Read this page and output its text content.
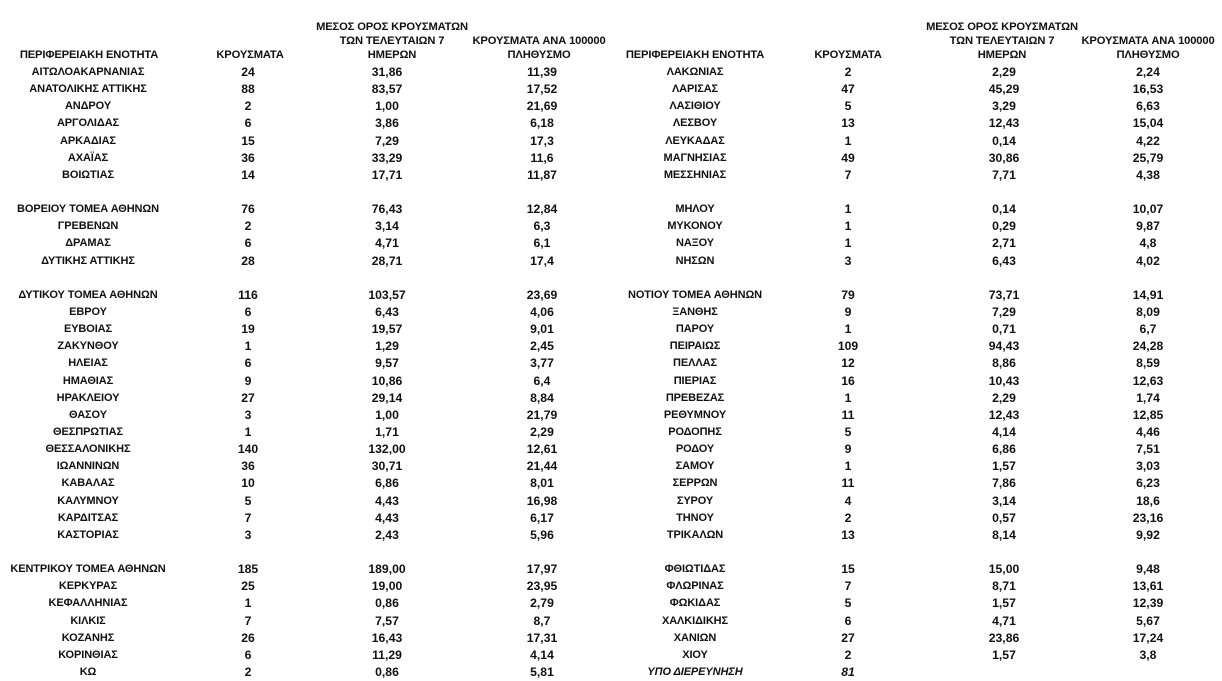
ΠΕΡΙΦΕΡΕΙΑΚΗ ΕΝΟΤΗΤΑ	ΚΡΟΥΣΜΑΤΑ
ΜΕΣΟΣ ΟΡΟΣ ΚΡΟΥΣΜΑΤΩΝ
ΤΩΝ ΤΕΛΕΥΤΑΙΩΝ 7
ΗΜΕΡΩΝ
ΚΡΟΥΣΜΑΤΑ ΑΝΑ 100000
ΠΛΗΘΥΣΜΟ
ΑΙΤΩΛΟΑΚΑΡΝΑΝΙΑΣ	24	31,86	11,39
ΑΝΑΤΟΛΙΚΗΣ ΑΤΤΙΚΗΣ	88	83,57	17,52
ΑΝΔΡΟΥ	2	1,00	21,69
ΑΡΓΟΛΙΔΑΣ	6	3,86	6,18
ΑΡΚΑΔΙΑΣ	15	7,29	17,3
ΑΧΑΪΑΣ	36	33,29	11,6
ΒΟΙΩΤΙΑΣ	14	17,71	11,87
ΒΟΡΕΙΟΥ ΤΟΜΕΑ ΑΘΗΝΩΝ	76	76,43	12,84
ΓΡΕΒΕΝΩΝ	2	3,14	6,3
ΔΡΑΜΑΣ	6	4,71	6,1
ΔΥΤΙΚΗΣ ΑΤΤΙΚΗΣ	28	28,71	17,4
ΔΥΤΙΚΟΥ ΤΟΜΕΑ ΑΘΗΝΩΝ	116	103,57	23,69
ΕΒΡΟΥ	6	6,43	4,06
ΕΥΒΟΙΑΣ	19	19,57	9,01
ΖΑΚΥΝΘΟΥ	1	1,29	2,45
ΗΛΕΙΑΣ	6	9,57	3,77
ΗΜΑΘΙΑΣ	9	10,86	6,4
ΗΡΑΚΛΕΙΟΥ	27	29,14	8,84
ΘΑΣΟΥ	3	1,00	21,79
ΘΕΣΠΡΩΤΙΑΣ	1	1,71	2,29
ΘΕΣΣΑΛΟΝΙΚΗΣ	140	132,00	12,61
ΙΩΑΝΝΙΝΩΝ	36	30,71	21,44
ΚΑΒΑΛΑΣ	10	6,86	8,01
ΚΑΛΥΜΝΟΥ	5	4,43	16,98
ΚΑΡΔΙΤΣΑΣ	7	4,43	6,17
ΚΑΣΤΟΡΙΑΣ	3	2,43	5,96
ΚΕΝΤΡΙΚΟΥ ΤΟΜΕΑ ΑΘΗΝΩΝ	185	189,00	17,97
ΚΕΡΚΥΡΑΣ	25	19,00	23,95
ΚΕΦΑΛΛΗΝΙΑΣ	1	0,86	2,79
ΚΙΛΚΙΣ	7	7,57	8,7
ΚΟΖΑΝΗΣ	26	16,43	17,31
ΚΟΡΙΝΘΙΑΣ	6	11,29	4,14
ΚΩ	2	0,86	5,81
ΠΕΡΙΦΕΡΕΙΑΚΗ ΕΝΟΤΗΤΑ	ΚΡΟΥΣΜΑΤΑ
ΜΕΣΟΣ ΟΡΟΣ ΚΡΟΥΣΜΑΤΩΝ
ΤΩΝ ΤΕΛΕΥΤΑΙΩΝ 7
ΗΜΕΡΩΝ
ΚΡΟΥΣΜΑΤΑ ΑΝΑ 100000
ΠΛΗΘΥΣΜΟ
ΛΑΚΩΝΙΑΣ	2	2,29	2,24
ΛΑΡΙΣΑΣ	47	45,29	16,53
ΛΑΣΙΘΙΟΥ	5	3,29	6,63
ΛΕΣΒΟΥ	13	12,43	15,04
ΛΕΥΚΑΔΑΣ	1	0,14	4,22
ΜΑΓΝΗΣΙΑΣ	49	30,86	25,79
ΜΕΣΣΗΝΙΑΣ	7	7,71	4,38
ΜΗΛΟΥ	1	0,14	10,07
ΜΥΚΟΝΟΥ	1	0,29	9,87
ΝΑΞΟΥ	1	2,71	4,8
ΝΗΣΩΝ	3	6,43	4,02
ΝΟΤΙΟΥ ΤΟΜΕΑ ΑΘΗΝΩΝ	79	73,71	14,91
ΞΑΝΘΗΣ	9	7,29	8,09
ΠΑΡΟΥ	1	0,71	6,7
ΠΕΙΡΑΙΩΣ	109	94,43	24,28
ΠΕΛΛΑΣ	12	8,86	8,59
ΠΙΕΡΙΑΣ	16	10,43	12,63
ΠΡΕΒΕΖΑΣ	1	2,29	1,74
ΡΕΘΥΜΝΟΥ	11	12,43	12,85
ΡΟΔΟΠΗΣ	5	4,14	4,46
ΡΟΔΟΥ	9	6,86	7,51
ΣΑΜΟΥ	1	1,57	3,03
ΣΕΡΡΩΝ	11	7,86	6,23
ΣΥΡΟΥ	4	3,14	18,6
ΤΗΝΟΥ	2	0,57	23,16
ΤΡΙΚΑΛΩΝ	13	8,14	9,92
ΦΘΙΩΤΙΔΑΣ	15	15,00	9,48
ΦΛΩΡΙΝΑΣ	7	8,71	13,61
ΦΩΚΙΔΑΣ	5	1,57	12,39
ΧΑΛΚΙΔΙΚΗΣ	6	4,71	5,67
ΧΑΝΙΩΝ	27	23,86	17,24
ΧΙΟΥ	2	1,57	3,8
ΥΠΟ ΔΙΕΡΕΥΝΗΣΗ	81
